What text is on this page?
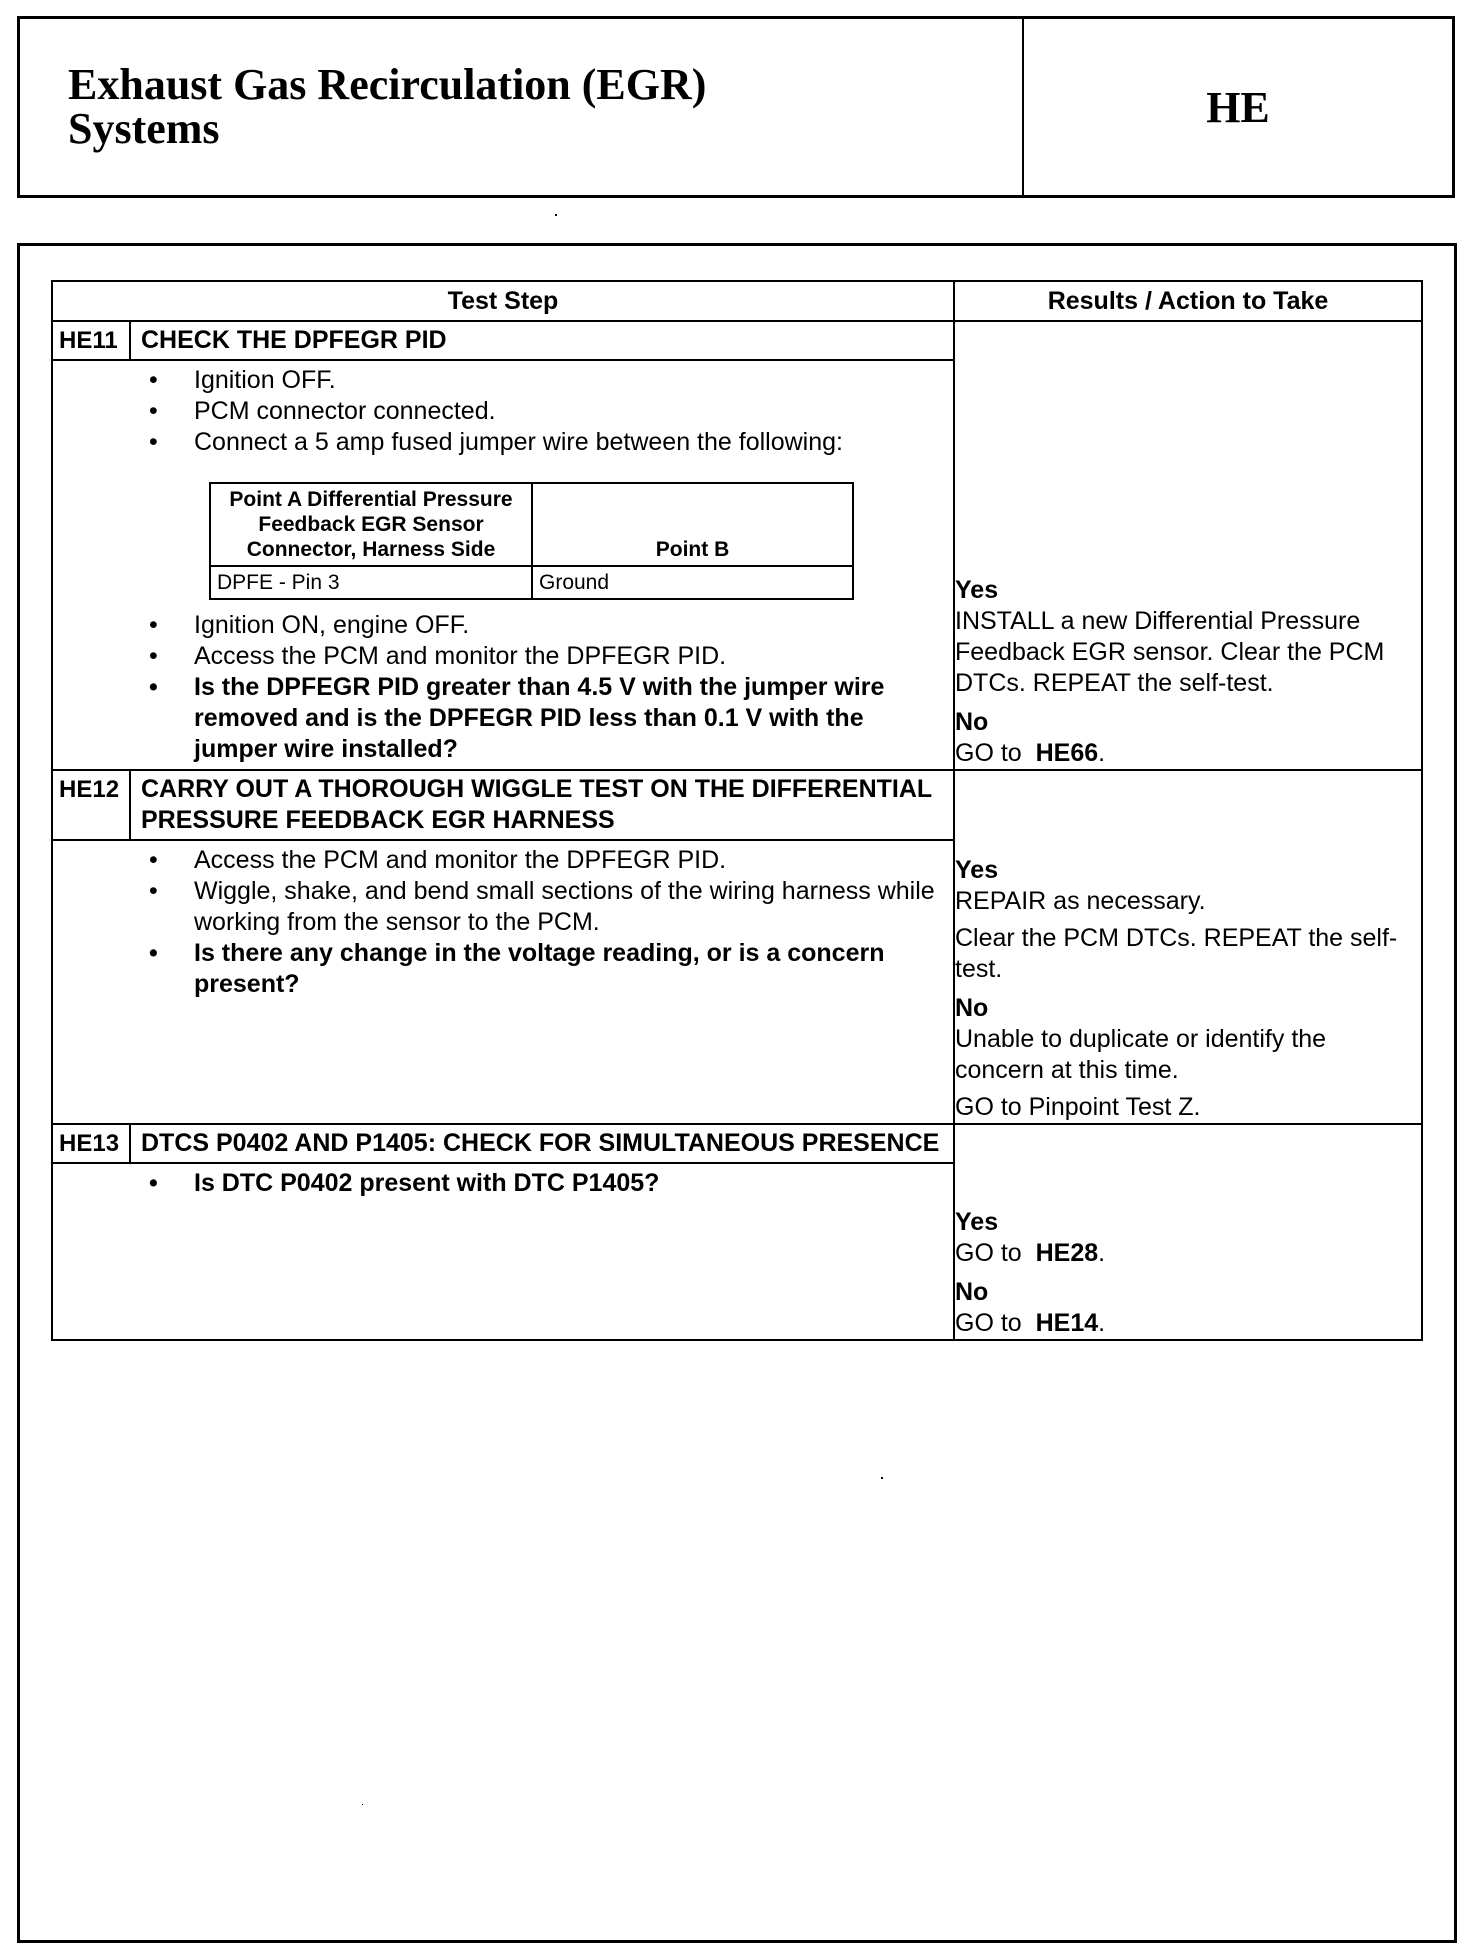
Exhaust Gas Recirculation (EGR)
Systems	HE
Test Step	Results / Action to Take

HE11 CHECK THE DPFEGR PID
• Ignition OFF.
• PCM connector connected.
• Connect a 5 amp fused jumper wire between the following:
Point A Differential Pressure Feedback EGR Sensor Connector, Harness Side	Point B
DPFE - Pin 3	Ground
• Ignition ON, engine OFF.
• Access the PCM and monitor the DPFEGR PID.
• Is the DPFEGR PID greater than 4.5 V with the jumper wire removed and is the DPFEGR PID less than 0.1 V with the jumper wire installed?

Yes
INSTALL a new Differential Pressure Feedback EGR sensor. Clear the PCM DTCs. REPEAT the self-test.
No
GO to HE66.

HE12 CARRY OUT A THOROUGH WIGGLE TEST ON THE DIFFERENTIAL PRESSURE FEEDBACK EGR HARNESS
• Access the PCM and monitor the DPFEGR PID.
• Wiggle, shake, and bend small sections of the wiring harness while working from the sensor to the PCM.
• Is there any change in the voltage reading, or is a concern present?

Yes
REPAIR as necessary.
Clear the PCM DTCs. REPEAT the self-test.
No
Unable to duplicate or identify the concern at this time.
GO to Pinpoint Test Z.

HE13 DTCS P0402 AND P1405: CHECK FOR SIMULTANEOUS PRESENCE
• Is DTC P0402 present with DTC P1405?

Yes
GO to HE28.
No
GO to HE14.
